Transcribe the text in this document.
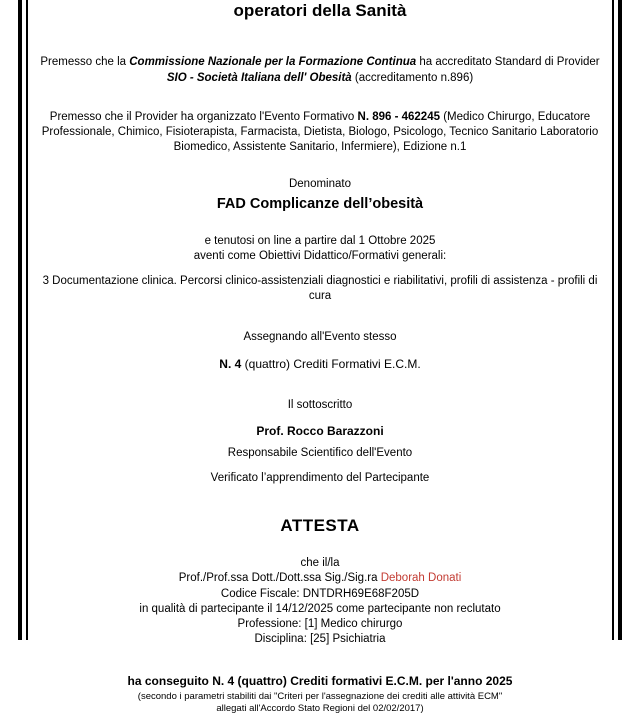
operatori della Sanità

Premesso che la Commissione Nazionale per la Formazione Continua ha accreditato Standard di Provider SIO - Società Italiana dell' Obesità (accreditamento n.896)

Premesso che il Provider ha organizzato l'Evento Formativo N. 896 - 462245 (Medico Chirurgo, Educatore Professionale, Chimico, Fisioterapista, Farmacista, Dietista, Biologo, Psicologo, Tecnico Sanitario Laboratorio Biomedico, Assistente Sanitario, Infermiere), Edizione n.1

Denominato

FAD Complicanze dell’obesità

e tenutosi on line a partire dal 1 Ottobre 2025

aventi come Obiettivi Didattico/Formativi generali:

3 Documentazione clinica. Percorsi clinico-assistenziali diagnostici e riabilitativi, profili di assistenza - profili di cura

Assegnando all'Evento stesso

N. 4 (quattro) Crediti Formativi E.C.M.

Il sottoscritto

Prof. Rocco Barazzoni

Responsabile Scientifico dell'Evento

Verificato l’apprendimento del Partecipante

ATTESTA

che il/la

Prof./Prof.ssa Dott./Dott.ssa Sig./Sig.ra Deborah Donati

Codice Fiscale: DNTDRH69E68F205D

in qualità di partecipante il 14/12/2025 come partecipante non reclutato

Professione: [1] Medico chirurgo

Disciplina: [25] Psichiatria

ha conseguito N. 4 (quattro) Crediti formativi E.C.M. per l'anno 2025

(secondo i parametri stabiliti dai "Criteri per l'assegnazione dei crediti alle attività ECM"

allegati all'Accordo Stato Regioni del 02/02/2017)
